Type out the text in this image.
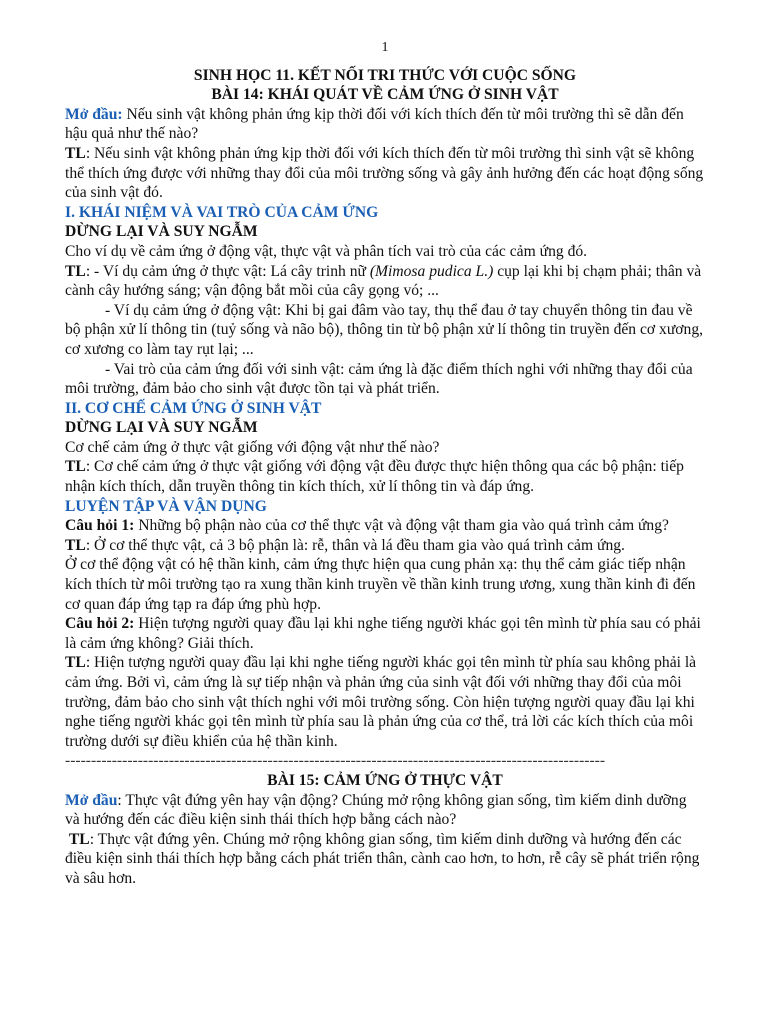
1

SINH HỌC 11. KẾT NỐI TRI THỨC VỚI CUỘC SỐNG

BÀI 14: KHÁI QUÁT VỀ CẢM ỨNG Ở SINH VẬT

Mở đầu: Nếu sinh vật không phản ứng kịp thời đối với kích thích đến từ môi trường thì sẽ dẫn đến hậu quả như thế nào?

TL: Nếu sinh vật không phản ứng kịp thời đối với kích thích đến từ môi trường thì sinh vật sẽ không thể thích ứng được với những thay đổi của môi trường sống và gây ảnh hưởng đến các hoạt động sống của sinh vật đó.

I. KHÁI NIỆM VÀ VAI TRÒ CỦA CẢM ỨNG

DỪNG LẠI VÀ SUY NGẪM

Cho ví dụ về cảm ứng ở động vật, thực vật và phân tích vai trò của các cảm ứng đó.

TL: - Ví dụ cảm ứng ở thực vật: Lá cây trinh nữ (Mimosa pudica L.) cụp lại khi bị chạm phải; thân và cành cây hướng sáng; vận động bắt mồi của cây gọng vó; ...

- Ví dụ cảm ứng ở động vật: Khi bị gai đâm vào tay, thụ thể đau ở tay chuyển thông tin đau về bộ phận xử lí thông tin (tuỷ sống và não bộ), thông tin từ bộ phận xử lí thông tin truyền đến cơ xương, cơ xương co làm tay rụt lại; ...

- Vai trò của cảm ứng đối với sinh vật: cảm ứng là đặc điểm thích nghi với những thay đổi của môi trường, đảm bảo cho sinh vật được tồn tại và phát triển.

II. CƠ CHẾ CẢM ỨNG Ở SINH VẬT

DỪNG LẠI VÀ SUY NGẪM

Cơ chế cảm ứng ở thực vật giống với động vật như thế nào?

TL: Cơ chế cảm ứng ở thực vật giống với động vật đều được thực hiện thông qua các bộ phận: tiếp nhận kích thích, dẫn truyền thông tin kích thích, xử lí thông tin và đáp ứng.

LUYỆN TẬP VÀ VẬN DỤNG

Câu hỏi 1: Những bộ phận nào của cơ thể thực vật và động vật tham gia vào quá trình cảm ứng?

TL: Ở cơ thể thực vật, cả 3 bộ phận là: rễ, thân và lá đều tham gia vào quá trình cảm ứng.

Ở cơ thể động vật có hệ thần kinh, cảm ứng thực hiện qua cung phản xạ: thụ thể cảm giác tiếp nhận kích thích từ môi trường tạo ra xung thần kinh truyền về thần kinh trung ương, xung thần kinh đi đến cơ quan đáp ứng tạp ra đáp ứng phù hợp.

Câu hỏi 2: Hiện tượng người quay đầu lại khi nghe tiếng người khác gọi tên mình từ phía sau có phải là cảm ứng không? Giải thích.

TL: Hiện tượng người quay đầu lại khi nghe tiếng người khác gọi tên mình từ phía sau không phải là cảm ứng. Bởi vì, cảm ứng là sự tiếp nhận và phản ứng của sinh vật đối với những thay đổi của môi trường, đảm bảo cho sinh vật thích nghi với môi trường sống. Còn hiện tượng người quay đầu lại khi nghe tiếng người khác gọi tên mình từ phía sau là phản ứng của cơ thể, trả lời các kích thích của môi trường dưới sự điều khiển của hệ thần kinh.

--------------------------------------------------------------------------------------------------------

BÀI 15: CẢM ỨNG Ở THỰC VẬT

Mở đầu: Thực vật đứng yên hay vận động? Chúng mở rộng không gian sống, tìm kiếm dinh dưỡng và hướng đến các điều kiện sinh thái thích hợp bằng cách nào?

TL: Thực vật đứng yên. Chúng mở rộng không gian sống, tìm kiếm dinh dưỡng và hướng đến các điều kiện sinh thái thích hợp bằng cách phát triển thân, cành cao hơn, to hơn, rễ cây sẽ phát triển rộng và sâu hơn.
